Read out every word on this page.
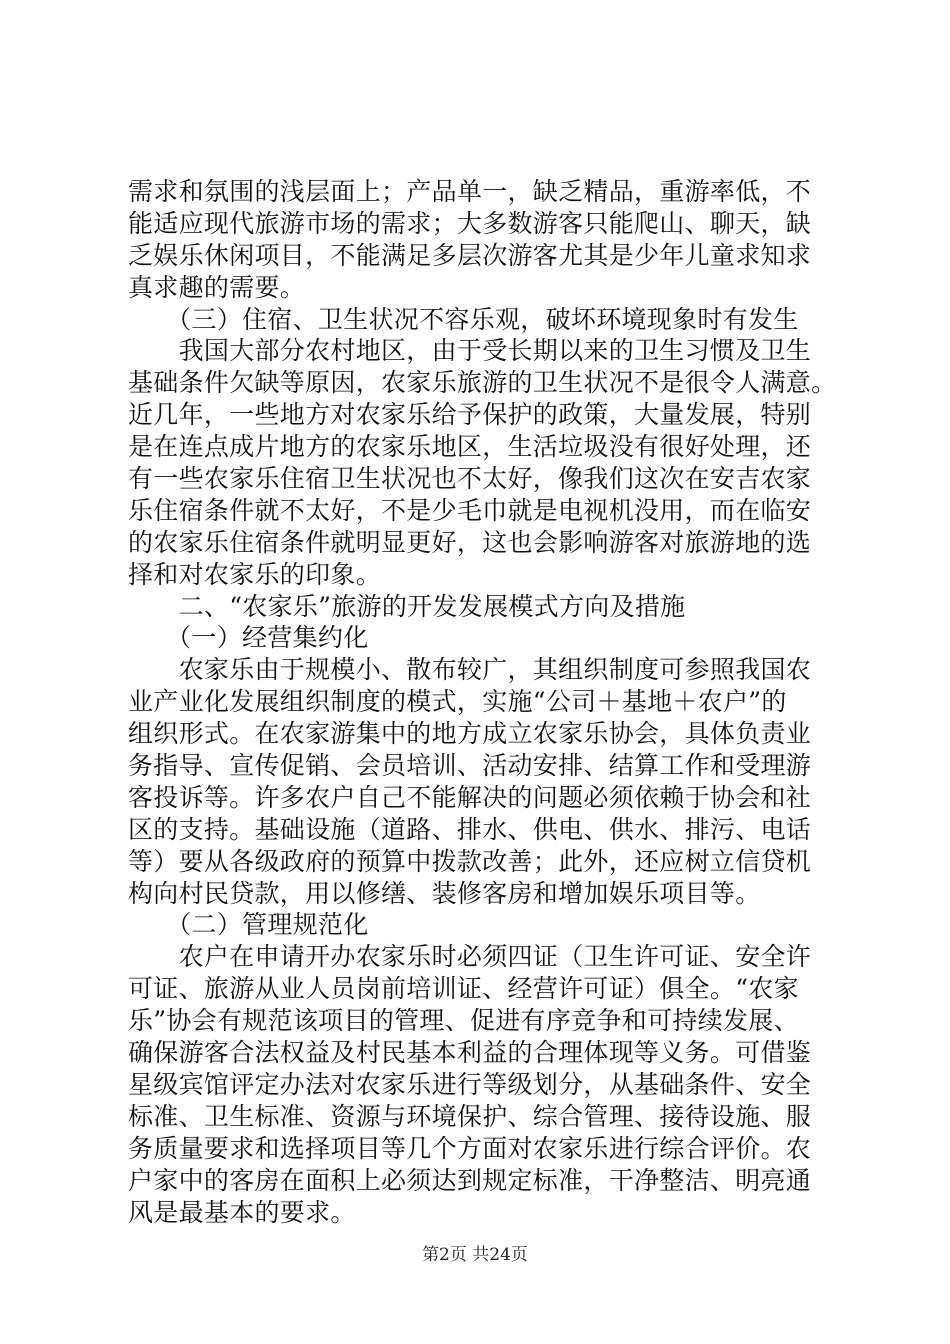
需求和氛围的浅层面上；产品单一，缺乏精品，重游率低，不
能适应现代旅游市场的需求；大多数游客只能爬山、聊天，缺
乏娱乐休闲项目，不能满足多层次游客尤其是少年儿童求知求
真求趣的需要。
　　（三）住宿、卫生状况不容乐观，破坏环境现象时有发生
　　我国大部分农村地区，由于受长期以来的卫生习惯及卫生
基础条件欠缺等原因，农家乐旅游的卫生状况不是很令人满意。
近几年，一些地方对农家乐给予保护的政策，大量发展，特别
是在连点成片地方的农家乐地区，生活垃圾没有很好处理，还
有一些农家乐住宿卫生状况也不太好，像我们这次在安吉农家
乐住宿条件就不太好，不是少毛巾就是电视机没用，而在临安
的农家乐住宿条件就明显更好，这也会影响游客对旅游地的选
择和对农家乐的印象。
　　二、“农家乐”旅游的开发发展模式方向及措施
　　（一）经营集约化
　　农家乐由于规模小、散布较广，其组织制度可参照我国农
业产业化发展组织制度的模式，实施“公司＋基地＋农户”的
组织形式。在农家游集中的地方成立农家乐协会，具体负责业
务指导、宣传促销、会员培训、活动安排、结算工作和受理游
客投诉等。许多农户自己不能解决的问题必须依赖于协会和社
区的支持。基础设施（道路、排水、供电、供水、排污、电话
等）要从各级政府的预算中拨款改善；此外，还应树立信贷机
构向村民贷款，用以修缮、装修客房和增加娱乐项目等。
　　（二）管理规范化
　　农户在申请开办农家乐时必须四证（卫生许可证、安全许
可证、旅游从业人员岗前培训证、经营许可证）俱全。“农家
乐”协会有规范该项目的管理、促进有序竞争和可持续发展、
确保游客合法权益及村民基本利益的合理体现等义务。可借鉴
星级宾馆评定办法对农家乐进行等级划分，从基础条件、安全
标准、卫生标准、资源与环境保护、综合管理、接待设施、服
务质量要求和选择项目等几个方面对农家乐进行综合评价。农
户家中的客房在面积上必须达到规定标准，干净整洁、明亮通
风是最基本的要求。
第2页 共24页
